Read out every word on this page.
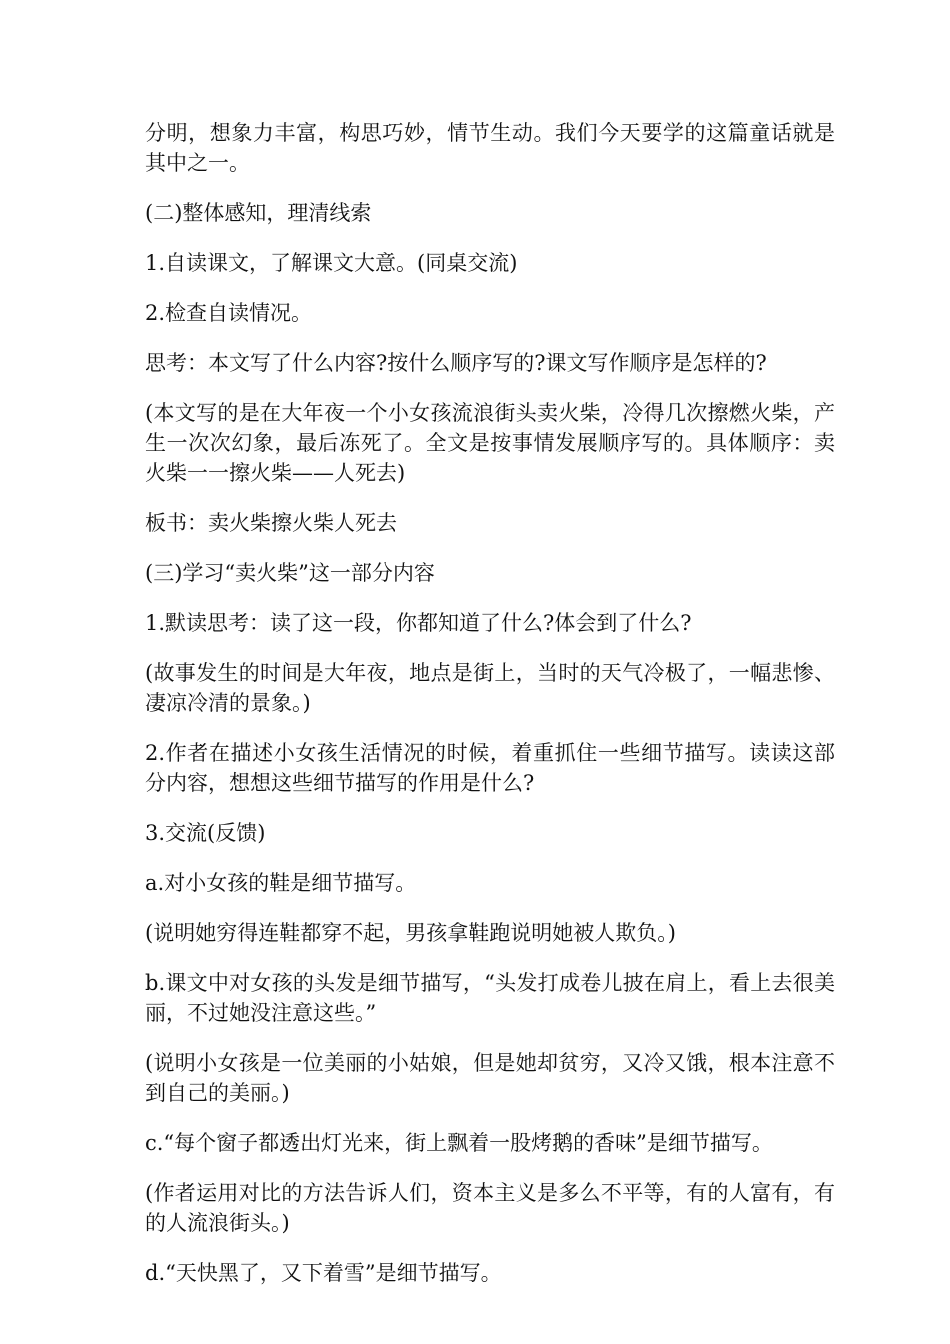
分明，想象力丰富，构思巧妙，情节生动。我们今天要学的这篇童话就是其中之一。

(二)整体感知，理清线索

1.自读课文，了解课文大意。(同桌交流)

2.检查自读情况。

思考：本文写了什么内容?按什么顺序写的?课文写作顺序是怎样的?

(本文写的是在大年夜一个小女孩流浪街头卖火柴，冷得几次擦燃火柴，产生一次次幻象，最后冻死了。全文是按事情发展顺序写的。具体顺序：卖火柴一一擦火柴——人死去)

板书：卖火柴擦火柴人死去

(三)学习“卖火柴”这一部分内容

1.默读思考：读了这一段，你都知道了什么?体会到了什么?

(故事发生的时间是大年夜，地点是街上，当时的天气冷极了，一幅悲惨、凄凉冷清的景象。)

2.作者在描述小女孩生活情况的时候，着重抓住一些细节描写。读读这部分内容，想想这些细节描写的作用是什么?

3.交流(反馈)

a.对小女孩的鞋是细节描写。

(说明她穷得连鞋都穿不起，男孩拿鞋跑说明她被人欺负。)

b.课文中对女孩的头发是细节描写，“头发打成卷儿披在肩上，看上去很美丽，不过她没注意这些。”

(说明小女孩是一位美丽的小姑娘，但是她却贫穷，又冷又饿，根本注意不到自己的美丽。)

c.“每个窗子都透出灯光来，街上飘着一股烤鹅的香味”是细节描写。

(作者运用对比的方法告诉人们，资本主义是多么不平等，有的人富有，有的人流浪街头。)

d.“天快黑了，又下着雪”是细节描写。
